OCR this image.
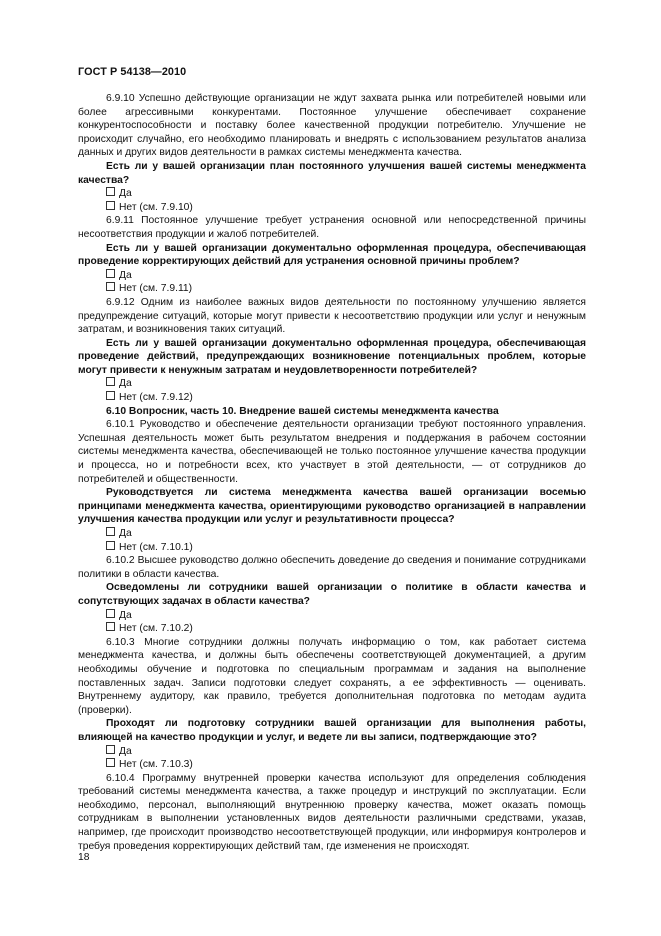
ГОСТ Р 54138—2010

6.9.10 Успешно действующие организации не ждут захвата рынка или потребителей новыми или более агрессивными конкурентами. Постоянное улучшение обеспечивает сохранение конкурентоспособности и поставку более качественной продукции потребителю. Улучшение не происходит случайно, его необходимо планировать и внедрять с использованием результатов анализа данных и других видов деятельности в рамках системы менеджмента качества.

Есть ли у вашей организации план постоянного улучшения вашей системы менеджмента качества?

Да

Нет (см. 7.9.10)

6.9.11 Постоянное улучшение требует устранения основной или непосредственной причины несоответствия продукции и жалоб потребителей.

Есть ли у вашей организации документально оформленная процедура, обеспечивающая проведение корректирующих действий для устранения основной причины проблем?

Да

Нет (см. 7.9.11)

6.9.12 Одним из наиболее важных видов деятельности по постоянному улучшению является предупреждение ситуаций, которые могут привести к несоответствию продукции или услуг и ненужным затратам, и возникновения таких ситуаций.

Есть ли у вашей организации документально оформленная процедура, обеспечивающая проведение действий, предупреждающих возникновение потенциальных проблем, которые могут привести к ненужным затратам и неудовлетворенности потребителей?

Да

Нет (см. 7.9.12)

6.10 Вопросник, часть 10. Внедрение вашей системы менеджмента качества

6.10.1 Руководство и обеспечение деятельности организации требуют постоянного управления. Успешная деятельность может быть результатом внедрения и поддержания в рабочем состоянии системы менеджмента качества, обеспечивающей не только постоянное улучшение качества продукции и процесса, но и потребности всех, кто участвует в этой деятельности, — от сотрудников до потребителей и общественности.

Руководствуется ли система менеджмента качества вашей организации восемью принципами менеджмента качества, ориентирующими руководство организацией в направлении улучшения качества продукции или услуг и результативности процесса?

Да

Нет (см. 7.10.1)

6.10.2 Высшее руководство должно обеспечить доведение до сведения и понимание сотрудниками политики в области качества.

Осведомлены ли сотрудники вашей организации о политике в области качества и сопутствующих задачах в области качества?

Да

Нет (см. 7.10.2)

6.10.3 Многие сотрудники должны получать информацию о том, как работает система менеджмента качества, и должны быть обеспечены соответствующей документацией, а другим необходимы обучение и подготовка по специальным программам и задания на выполнение поставленных задач. Записи подготовки следует сохранять, а ее эффективность — оценивать. Внутреннему аудитору, как правило, требуется дополнительная подготовка по методам аудита (проверки).

Проходят ли подготовку сотрудники вашей организации для выполнения работы, влияющей на качество продукции и услуг, и ведете ли вы записи, подтверждающие это?

Да

Нет (см. 7.10.3)

6.10.4 Программу внутренней проверки качества используют для определения соблюдения требований системы менеджмента качества, а также процедур и инструкций по эксплуатации. Если необходимо, персонал, выполняющий внутреннюю проверку качества, может оказать помощь сотрудникам в выполнении установленных видов деятельности различными средствами, указав, например, где происходит производство несоответствующей продукции, или информируя контролеров и требуя проведения корректирующих действий там, где изменения не происходят.

18
